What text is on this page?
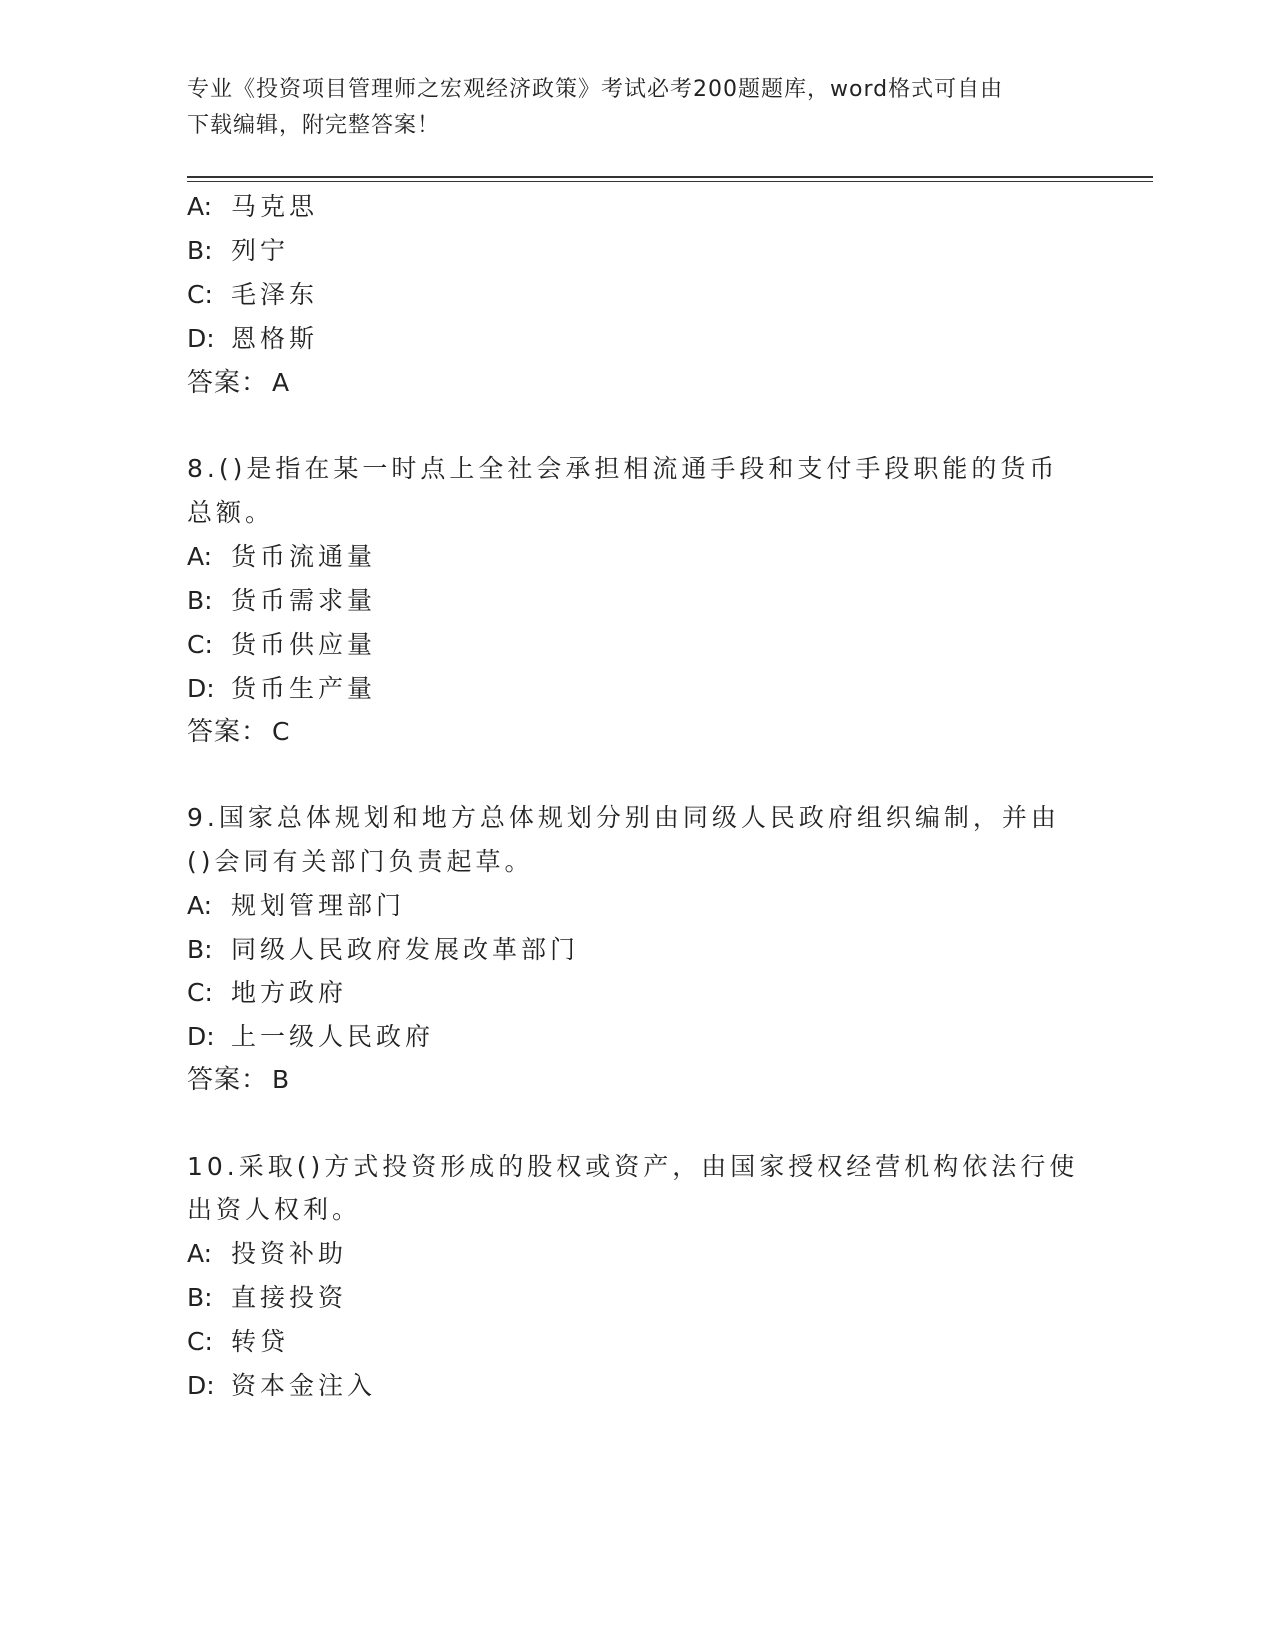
专业《投资项目管理师之宏观经济政策》考试必考200题题库，word格式可自由
下载编辑，附完整答案！
A: 马克思
B: 列宁
C: 毛泽东
D: 恩格斯
答案： A
8.()是指在某一时点上全社会承担相流通手段和支付手段职能的货币
总额。
A: 货币流通量
B: 货币需求量
C: 货币供应量
D: 货币生产量
答案： C
9.国家总体规划和地方总体规划分别由同级人民政府组织编制，并由
()会同有关部门负责起草。
A: 规划管理部门
B: 同级人民政府发展改革部门
C: 地方政府
D: 上一级人民政府
答案： B
10.采取()方式投资形成的股权或资产，由国家授权经营机构依法行使
出资人权利。
A: 投资补助
B: 直接投资
C: 转贷
D: 资本金注入
